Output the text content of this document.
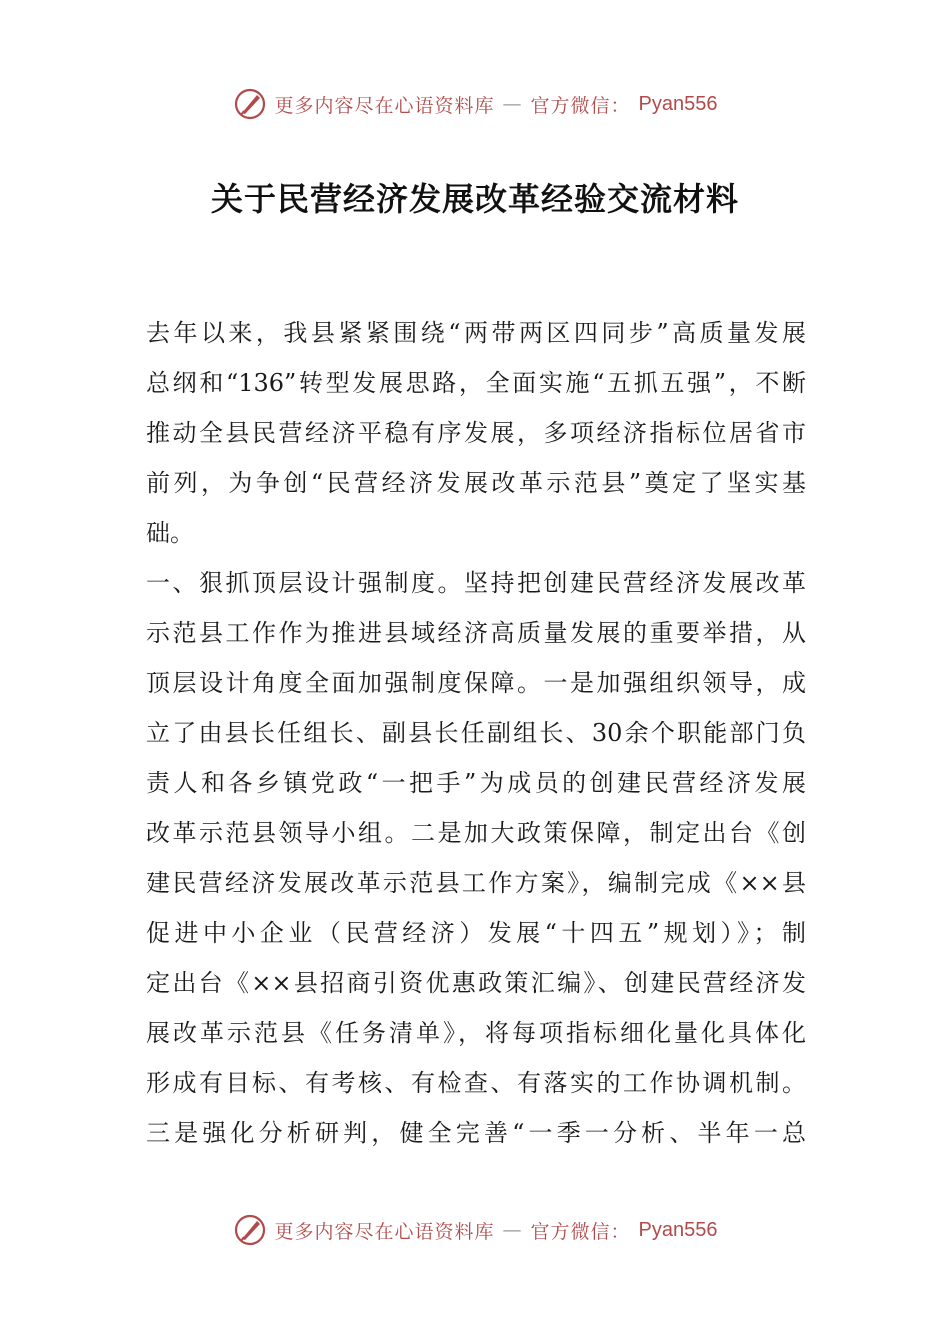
更多内容尽在心语资料库 — 官方微信： Pyan556
关于民营经济发展改革经验交流材料
去年以来，我县紧紧围绕“两带两区四同步”高质量发展
总纲和“136”转型发展思路，全面实施“五抓五强”，不断
推动全县民营经济平稳有序发展，多项经济指标位居省市
前列，为争创“民营经济发展改革示范县”奠定了坚实基
础。
一、狠抓顶层设计强制度。坚持把创建民营经济发展改革
示范县工作作为推进县域经济高质量发展的重要举措，从
顶层设计角度全面加强制度保障。一是加强组织领导，成
立了由县长任组长、副县长任副组长、30余个职能部门负
责人和各乡镇党政“一把手”为成员的创建民营经济发展
改革示范县领导小组。二是加大政策保障，制定出台《创
建民营经济发展改革示范县工作方案》，编制完成《××县
促进中小企业（民营经济）发展“十四五”规划）》；制
定出台《××县招商引资优惠政策汇编》、创建民营经济发
展改革示范县《任务清单》，将每项指标细化量化具体化
形成有目标、有考核、有检查、有落实的工作协调机制。
三是强化分析研判，健全完善“一季一分析、半年一总
更多内容尽在心语资料库 — 官方微信： Pyan556
